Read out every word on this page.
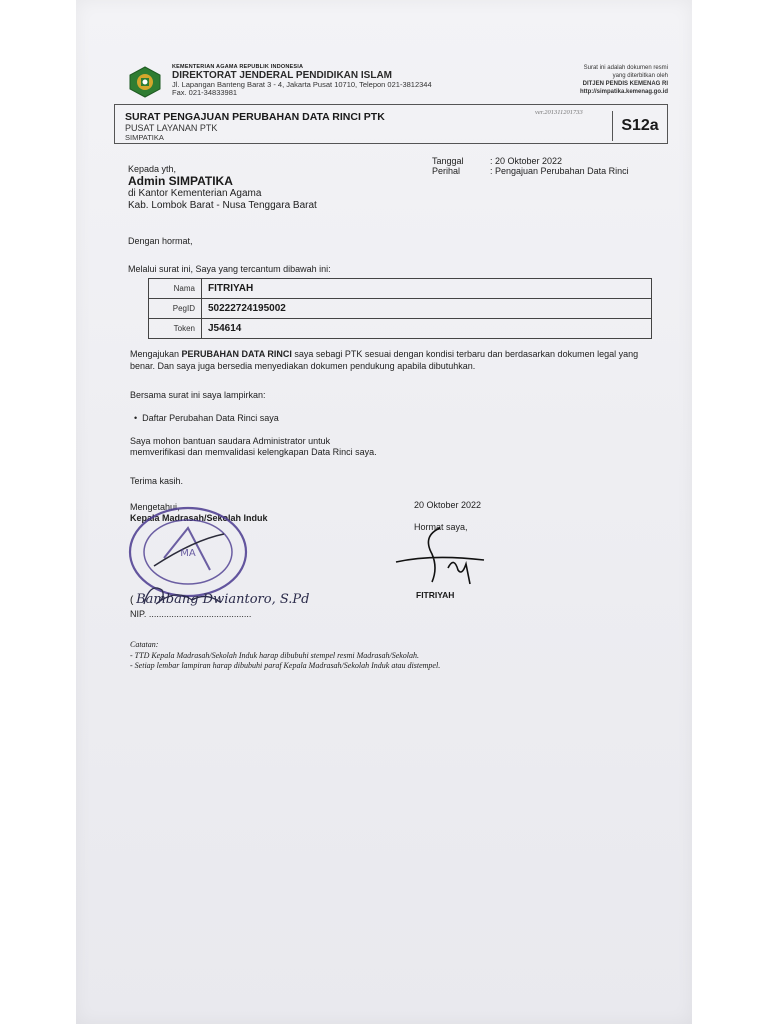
KEMENTERIAN AGAMA REPUBLIK INDONESIA
DIREKTORAT JENDERAL PENDIDIKAN ISLAM
Jl. Lapangan Banteng Barat 3 - 4, Jakarta Pusat 10710, Telepon 021-3812344
Fax. 021-34833981
Surat ini adalah dokumen resmi
yang diterbitkan oleh
DITJEN PENDIS KEMENAG RI
http://simpatika.kemenag.go.id
SURAT PENGAJUAN PERUBAHAN DATA RINCI PTK
PUSAT LAYANAN PTK
SIMPATIKA
ver.201311201733
S12a
Kepada yth,
Admin SIMPATIKA
di Kantor Kementerian Agama
Kab. Lombok Barat - Nusa Tenggara Barat
Tanggal	: 20 Oktober 2022
Perihal	: Pengajuan Perubahan Data Rinci
Dengan hormat,
Melalui surat ini, Saya yang tercantum dibawah ini:
Nama	FITRIYAH
PegID	50222724195002
Token	J54614
Mengajukan PERUBAHAN DATA RINCI saya sebagi PTK sesuai dengan kondisi terbaru dan berdasarkan dokumen legal yang benar. Dan saya juga bersedia menyediakan dokumen pendukung apabila dibutuhkan.
Bersama surat ini saya lampirkan:
•  Daftar Perubahan Data Rinci saya
Saya mohon bantuan saudara Administrator untuk
memverifikasi dan memvalidasi kelengkapan Data Rinci saya.
Terima kasih.
Mengetahui,
Kepala Madrasah/Sekolah Induk
MA
( Bambang Dwiantoro, S.Pd
NIP. .........................................
20 Oktober 2022
Hormat saya,
FITRIYAH
Catatan:
- TTD Kepala Madrasah/Sekolah Induk harap dibubuhi stempel resmi Madrasah/Sekolah.
- Setiap lembar lampiran harap dibubuhi paraf Kepala Madrasah/Sekolah Induk atau distempel.
